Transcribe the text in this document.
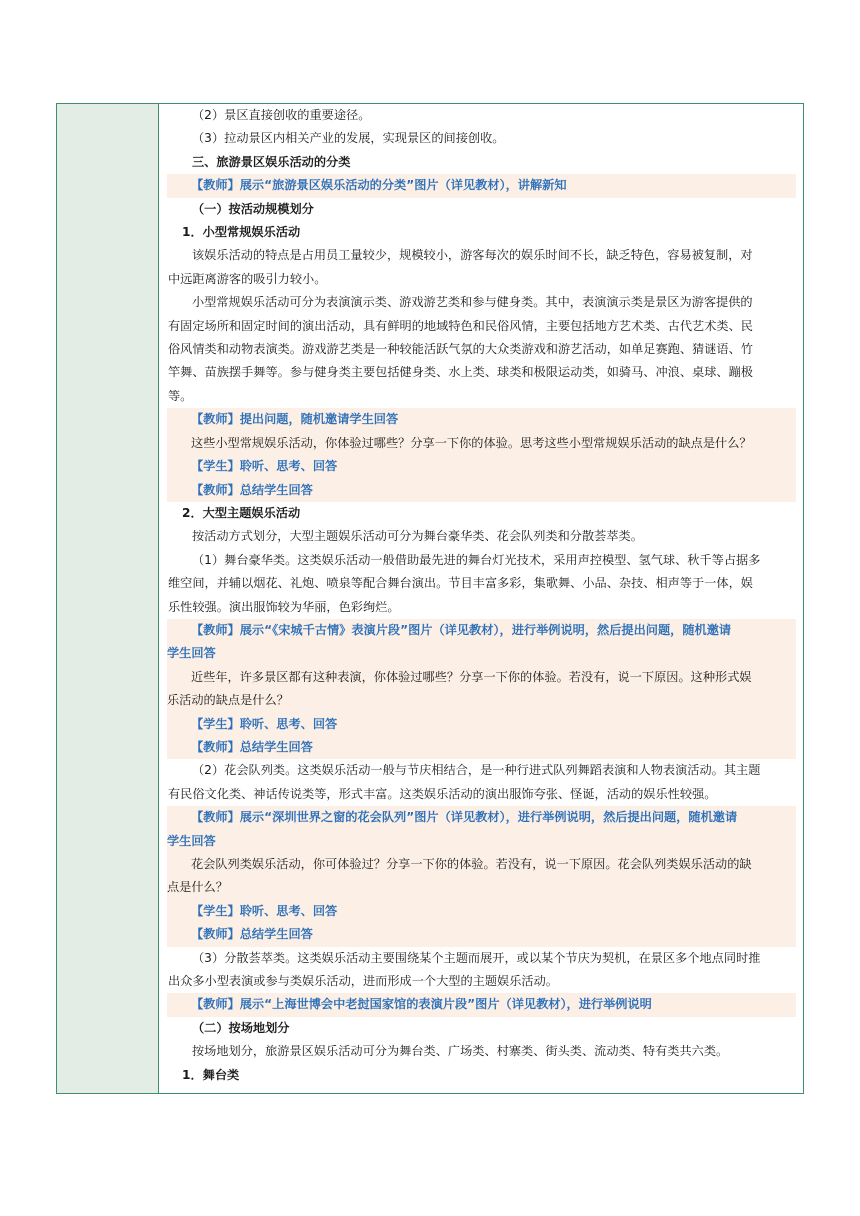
（2）景区直接创收的重要途径。
（3）拉动景区内相关产业的发展，实现景区的间接创收。
三、旅游景区娱乐活动的分类
【教师】展示“旅游景区娱乐活动的分类”图片（详见教材），讲解新知
（一）按活动规模划分
1．小型常规娱乐活动
该娱乐活动的特点是占用员工量较少，规模较小，游客每次的娱乐时间不长，缺乏特色，容易被复制，对
中远距离游客的吸引力较小。
小型常规娱乐活动可分为表演演示类、游戏游艺类和参与健身类。其中，表演演示类是景区为游客提供的
有固定场所和固定时间的演出活动，具有鲜明的地域特色和民俗风情，主要包括地方艺术类、古代艺术类、民
俗风情类和动物表演类。游戏游艺类是一种较能活跃气氛的大众类游戏和游艺活动，如单足赛跑、猜谜语、竹
竿舞、苗族摆手舞等。参与健身类主要包括健身类、水上类、球类和极限运动类，如骑马、冲浪、桌球、蹦极
等。
【教师】提出问题，随机邀请学生回答
这些小型常规娱乐活动，你体验过哪些？分享一下你的体验。思考这些小型常规娱乐活动的缺点是什么？
【学生】聆听、思考、回答
【教师】总结学生回答
2．大型主题娱乐活动
按活动方式划分，大型主题娱乐活动可分为舞台豪华类、花会队列类和分散荟萃类。
（1）舞台豪华类。这类娱乐活动一般借助最先进的舞台灯光技术，采用声控模型、氢气球、秋千等占据多
维空间，并辅以烟花、礼炮、喷泉等配合舞台演出。节目丰富多彩，集歌舞、小品、杂技、相声等于一体，娱
乐性较强。演出服饰较为华丽，色彩绚烂。
【教师】展示“《宋城千古情》表演片段”图片（详见教材），进行举例说明，然后提出问题，随机邀请
学生回答
近些年，许多景区都有这种表演，你体验过哪些？分享一下你的体验。若没有，说一下原因。这种形式娱
乐活动的缺点是什么？
【学生】聆听、思考、回答
【教师】总结学生回答
（2）花会队列类。这类娱乐活动一般与节庆相结合，是一种行进式队列舞蹈表演和人物表演活动。其主题
有民俗文化类、神话传说类等，形式丰富。这类娱乐活动的演出服饰夸张、怪诞，活动的娱乐性较强。
【教师】展示“深圳世界之窗的花会队列”图片（详见教材），进行举例说明，然后提出问题，随机邀请
学生回答
花会队列类娱乐活动，你可体验过？分享一下你的体验。若没有，说一下原因。花会队列类娱乐活动的缺
点是什么？
【学生】聆听、思考、回答
【教师】总结学生回答
（3）分散荟萃类。这类娱乐活动主要围绕某个主题而展开，或以某个节庆为契机，在景区多个地点同时推
出众多小型表演或参与类娱乐活动，进而形成一个大型的主题娱乐活动。
【教师】展示“上海世博会中老挝国家馆的表演片段”图片（详见教材），进行举例说明
（二）按场地划分
按场地划分，旅游景区娱乐活动可分为舞台类、广场类、村寨类、街头类、流动类、特有类共六类。
1．舞台类
